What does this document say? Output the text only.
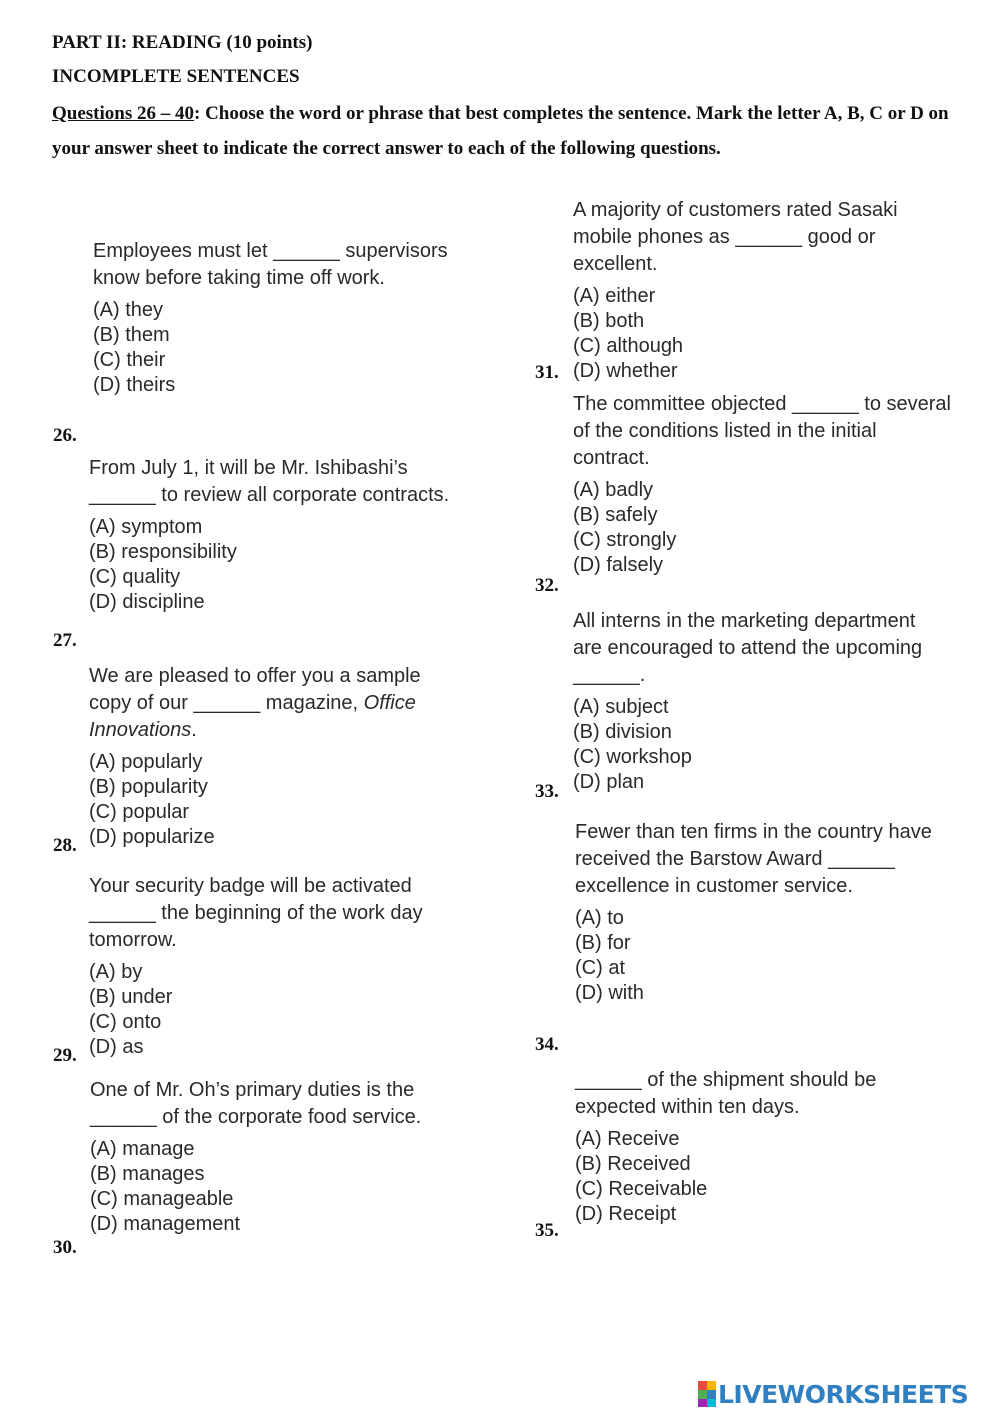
PART II: READING (10 points)

INCOMPLETE SENTENCES

Questions 26 – 40: Choose the word or phrase that best completes the sentence. Mark the letter A, B, C or D on your answer sheet to indicate the correct answer to each of the following questions.

Employees must let ______ supervisors know before taking time off work.

(A) they
(B) them
(C) their
(D) theirs
26.

From July 1, it will be Mr. Ishibashi’s ______ to review all corporate contracts.

(A) symptom
(B) responsibility
(C) quality
(D) discipline
27.

We are pleased to offer you a sample copy of our ______ magazine, Office Innovations.

(A) popularly
(B) popularity
(C) popular
(D) popularize
28.

Your security badge will be activated ______ the beginning of the work day tomorrow.

(A) by
(B) under
(C) onto
(D) as
29.

One of Mr. Oh’s primary duties is the ______ of the corporate food service.

(A) manage
(B) manages
(C) manageable
(D) management
30.

A majority of customers rated Sasaki mobile phones as ______ good or excellent.

(A) either
(B) both
(C) although
(D) whether
31.

The committee objected ______ to several of the conditions listed in the initial contract.

(A) badly
(B) safely
(C) strongly
(D) falsely
32.

All interns in the marketing department are encouraged to attend the upcoming ______.

(A) subject
(B) division
(C) workshop
(D) plan
33.

Fewer than ten firms in the country have received the Barstow Award ______ excellence in customer service.

(A) to
(B) for
(C) at
(D) with
34.

______ of the shipment should be expected within ten days.

(A) Receive
(B) Received
(C) Receivable
(D) Receipt
35.
LIVEWORKSHEETS
